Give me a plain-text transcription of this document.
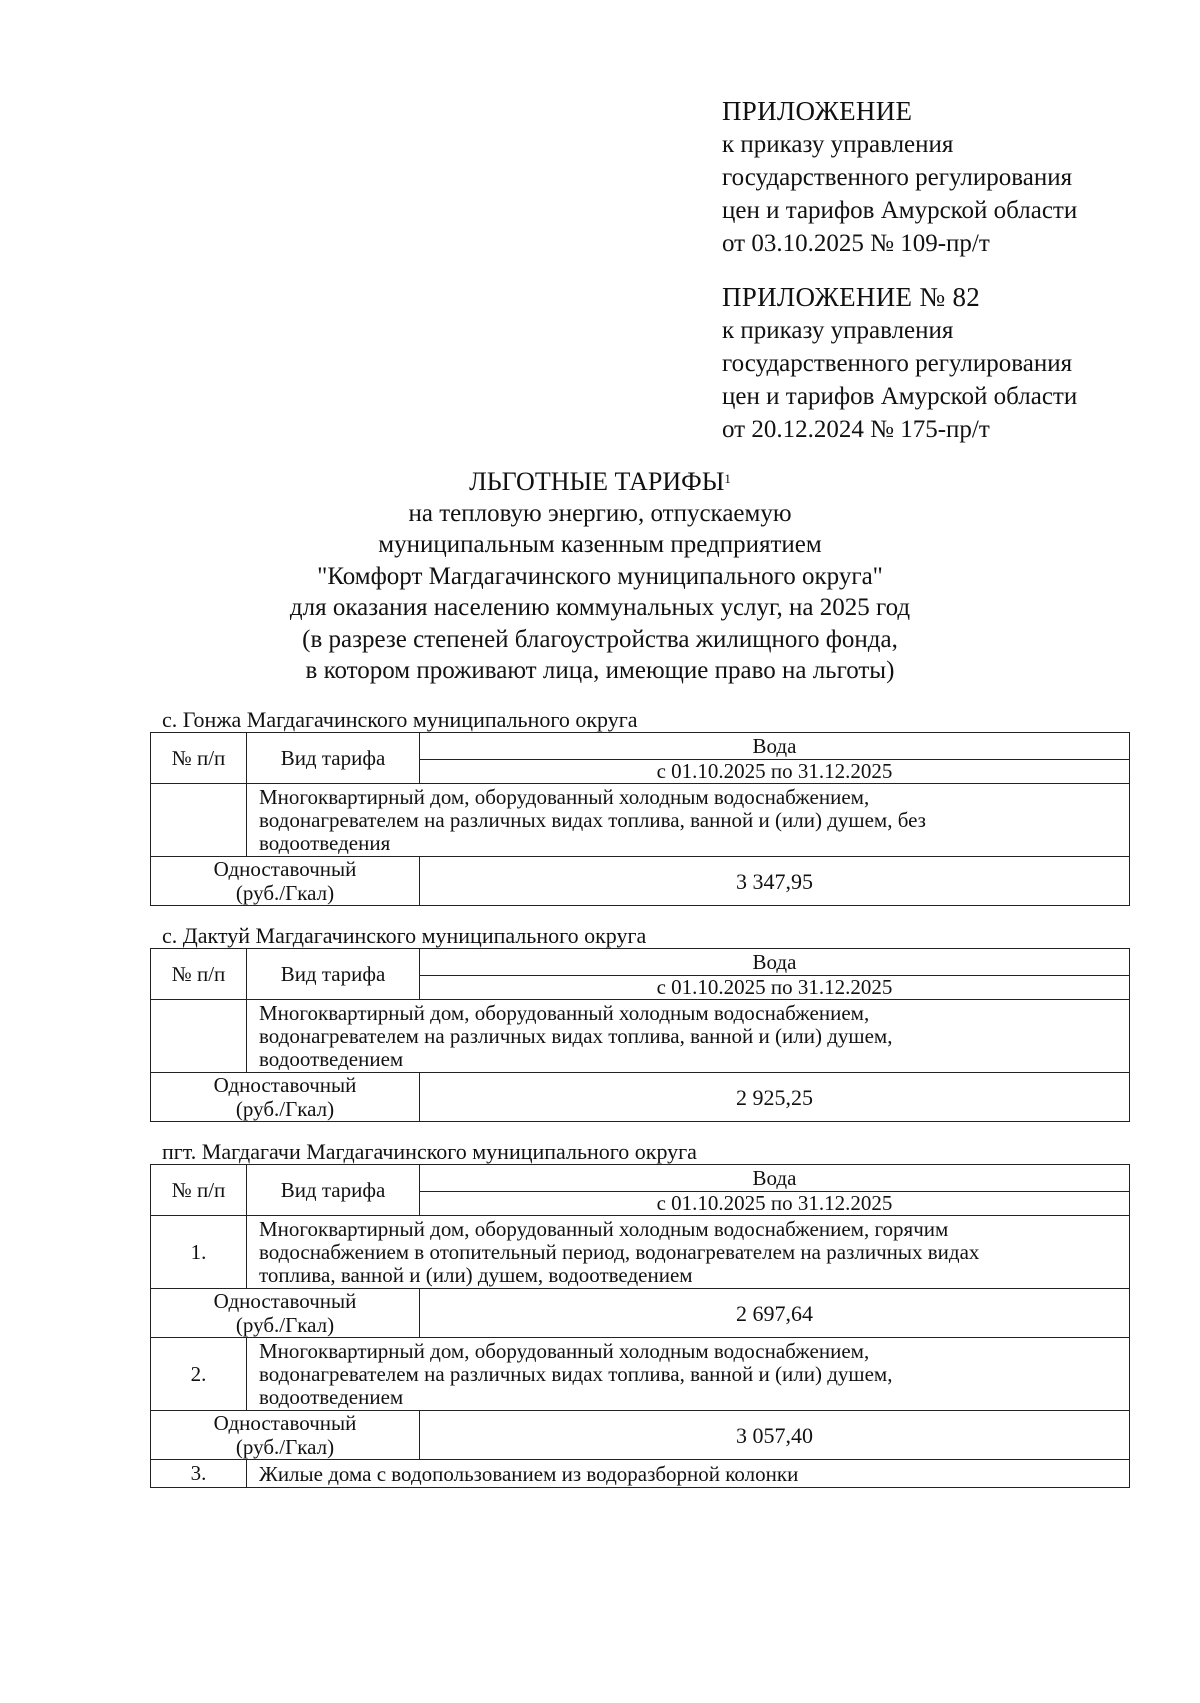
ПРИЛОЖЕНИЕ
к приказу управления
государственного регулирования
цен и тарифов Амурской области
от 03.10.2025 № 109-пр/т
ПРИЛОЖЕНИЕ № 82
к приказу управления
государственного регулирования
цен и тарифов Амурской области
от 20.12.2024 № 175-пр/т
ЛЬГОТНЫЕ ТАРИФЫ$^1$
на тепловую энергию, отпускаемую
муниципальным казенным предприятием
"Комфорт Магдагачинского муниципального округа"
для оказания населению коммунальных услуг, на 2025 год
(в разрезе степеней благоустройства жилищного фонда,
в котором проживают лица, имеющие право на льготы)
с. Гонжа Магдагачинского муниципального округа
№ п/п	Вид тарифа	Вода
		с 01.10.2025 по 31.12.2025

	Многоквартирный дом, оборудованный холодным водоснабжением,
водонагревателем на различных видах топлива, ванной и (или) душем, без
водоотведения	

Одноставочный
(руб./Гкал)		3 347,95
с. Дактуй Магдагачинского муниципального округа
№ п/п	Вид тарифа	Вода
		с 01.10.2025 по 31.12.2025

	Многоквартирный дом, оборудованный холодным водоснабжением,
водонагревателем на различных видах топлива, ванной и (или) душем,
водоотведением	

Одноставочный
(руб./Гкал)		2 925,25
пгт. Магдагачи Магдагачинского муниципального округа
№ п/п	Вид тарифа	Вода
		с 01.10.2025 по 31.12.2025
1.	Многоквартирный дом, оборудованный холодным водоснабжением, горячим
водоснабжением в отопительный период, водонагревателем на различных видах
топлива, ванной и (или) душем, водоотведением	

Одноставочный
(руб./Гкал)		2 697,64
2.	Многоквартирный дом, оборудованный холодным водоснабжением,
водонагревателем на различных видах топлива, ванной и (или) душем,
водоотведением	

Одноставочный
(руб./Гкал)		3 057,40
3.	Жилые дома с водопользованием из водоразборной колонки	
